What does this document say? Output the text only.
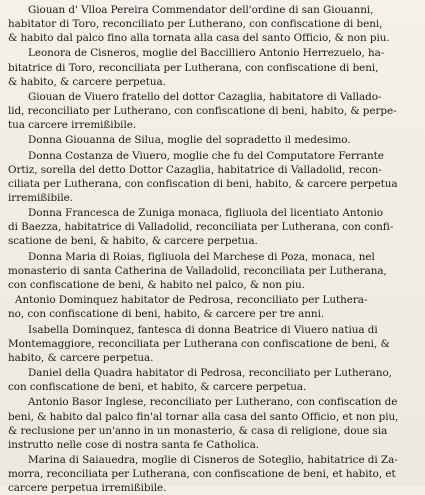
Giouan d' Vlloa Pereira Commendator dell'ordine di san Giouanni,
habitator di Toro, reconciliato per Lutherano, con confiscatione di beni,
& habito dal palco fino alla tornata alla casa del santo Officio, & non piu.
Leonora de Cisneros, moglie del Baccilliero Antonio Herrezuelo, ha-
bitatrice di Toro, reconciliata per Lutherana, con confiscatione di beni,
& habito, & carcere perpetua.
Giouan de Viuero fratello del dottor Cazaglia, habitatore di Vallado-
lid, reconciliato per Lutherano, con confiscatione di beni, habito, & perpe-
tua carcere irremißibile.
Donna Giouanna de Silua, moglie del sopradetto il medesimo.
Donna Costanza de Viuero, moglie che fu del Computatore Ferrante
Ortiz, sorella del detto Dottor Cazaglia, habitatrice di Valladolid, recon-
ciliata per Lutherana, con confiscation di beni, habito, & carcere perpetua
irremißibile.
Donna Francesca de Zuniga monaca, figliuola del licentiato Antonio
di Baezza, habitatrice di Valladolid, reconciliata per Lutherana, con confi-
scatione de beni, & habito, & carcere perpetua.
Donna Maria di Roias, figliuola del Marchese di Poza, monaca, nel
monasterio di santa Catherina de Valladolid, reconciliata per Lutherana,
con confiscatione de beni, & habito nel palco, & non piu.
Antonio Dominquez habitator de Pedrosa, reconciliato per Luthera-
no, con confiscatione di beni, habito, & carcere per tre anni.
Isabella Dominquez, fantesca di donna Beatrice di Viuero natiua di
Montemaggiore, reconciliata per Lutherana con confiscatione de beni, &
habito, & carcere perpetua.
Daniel della Quadra habitator di Pedrosa, reconciliato per Lutherano,
con confiscatione de beni, et habito, & carcere perpetua.
Antonio Basor Inglese, reconciliato per Lutherano, con confiscation de
beni, & habito dal palco fin'al tornar alla casa del santo Officio, et non piu,
& reclusione per un'anno in un monasterio, & casa di religione, doue sia
instrutto nelle cose di nostra santa fe Catholica.
Marina di Saiauedra, moglie di Cisneros de Soteglio, habitatrice di Za-
morra, reconciliata per Lutherana, con confiscatione de beni, et habito, et
carcere perpetua irremißibile.
